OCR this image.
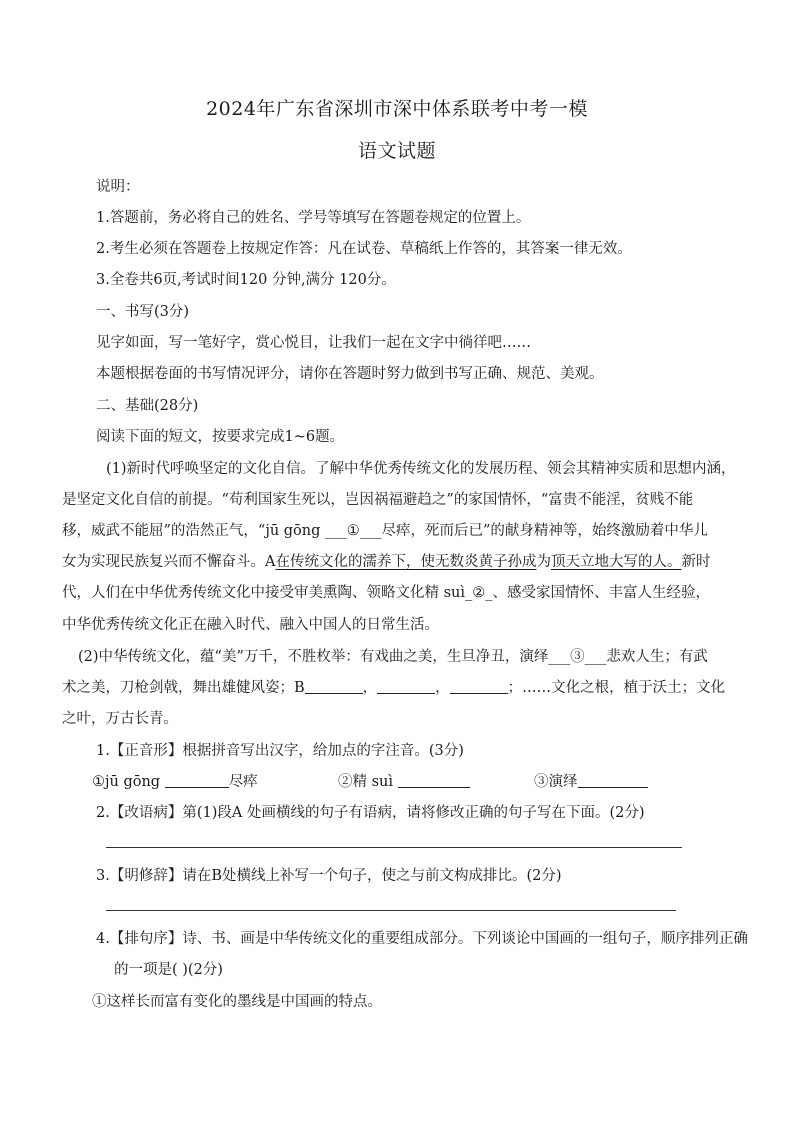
2024年广东省深圳市深中体系联考中考一模
语文试题
说明：
1.答题前，务必将自己的姓名、学号等填写在答题卷规定的位置上。
2.考生必须在答题卷上按规定作答：凡在试卷、草稿纸上作答的，其答案一律无效。
3.全卷共6页,考试时间120 分钟,满分 120分。
一、书写(3分)
见字如面，写一笔好字，赏心悦目，让我们一起在文字中徜徉吧……
本题根据卷面的书写情况评分，请你在答题时努力做到书写正确、规范、美观。
二、基础(28分)
阅读下面的短文，按要求完成1~6题。
(1)新时代呼唤坚定的文化自信。了解中华优秀传统文化的发展历程、领会其精神实质和思想内涵，
是坚定文化自信的前提。“苟利国家生死以，岂因祸福避趋之”的家国情怀，“富贵不能淫，贫贱不能
移，威武不能屈”的浩然正气，“jū gōng ___①___尽瘁，死而后已”的献身精神等，始终激励着中华儿
女为实现民族复兴而不懈奋斗。A在传统文化的濡养下，使无数炎黄子孙成为顶天立地大写的人。新时
代，人们在中华优秀传统文化中接受审美熏陶、领略文化精 suì_②_、感受家国情怀、丰富人生经验，
中华优秀传统文化正在融入时代、融入中国人的日常生活。
(2)中华传统文化，蕴“美”万千，不胜枚举：有戏曲之美，生旦净丑，演绎___③___悲欢人生；有武
术之美，刀枪剑戟，舞出雄健风姿；B	，	，	；……文化之根，植于沃土；文化
之叶，万古长青。
1.【正音形】根据拼音写出汉字，给加点的字注音。(3分)
①jū gōng	尽瘁	②精 suì	③演绎
2.【改语病】第(1)段A 处画横线的句子有语病，请将修改正确的句子写在下面。(2分)
3.【明修辞】请在B处横线上补写一个句子，使之与前文构成排比。(2分)
4.【排句序】诗、书、画是中华传统文化的重要组成部分。下列谈论中国画的一组句子，顺序排列正确
的一项是( )(2分)
①这样长而富有变化的墨线是中国画的特点。
